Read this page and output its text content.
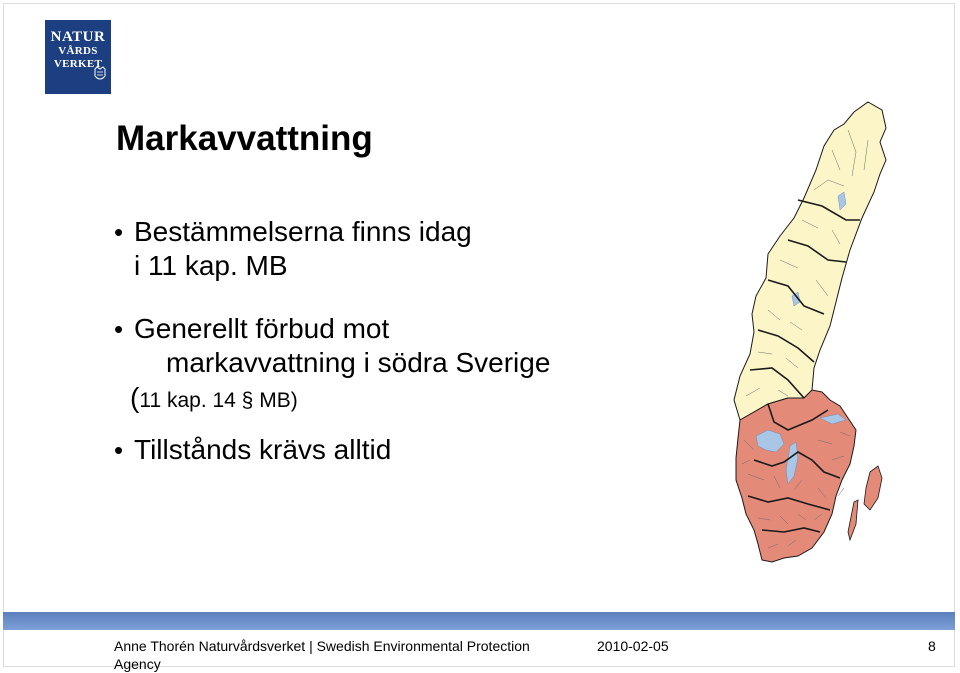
NATUR
VÅRDS
VERKET
Markavvattning
• Bestämmelserna finns idag
i 11 kap. MB
• Generellt förbud mot
markavvattning i södra Sverige
(11 kap. 14 § MB)
• Tillstånds krävs alltid
Anne Thorén Naturvårdsverket | Swedish Environmental Protection Agency
2010-02-05	8
